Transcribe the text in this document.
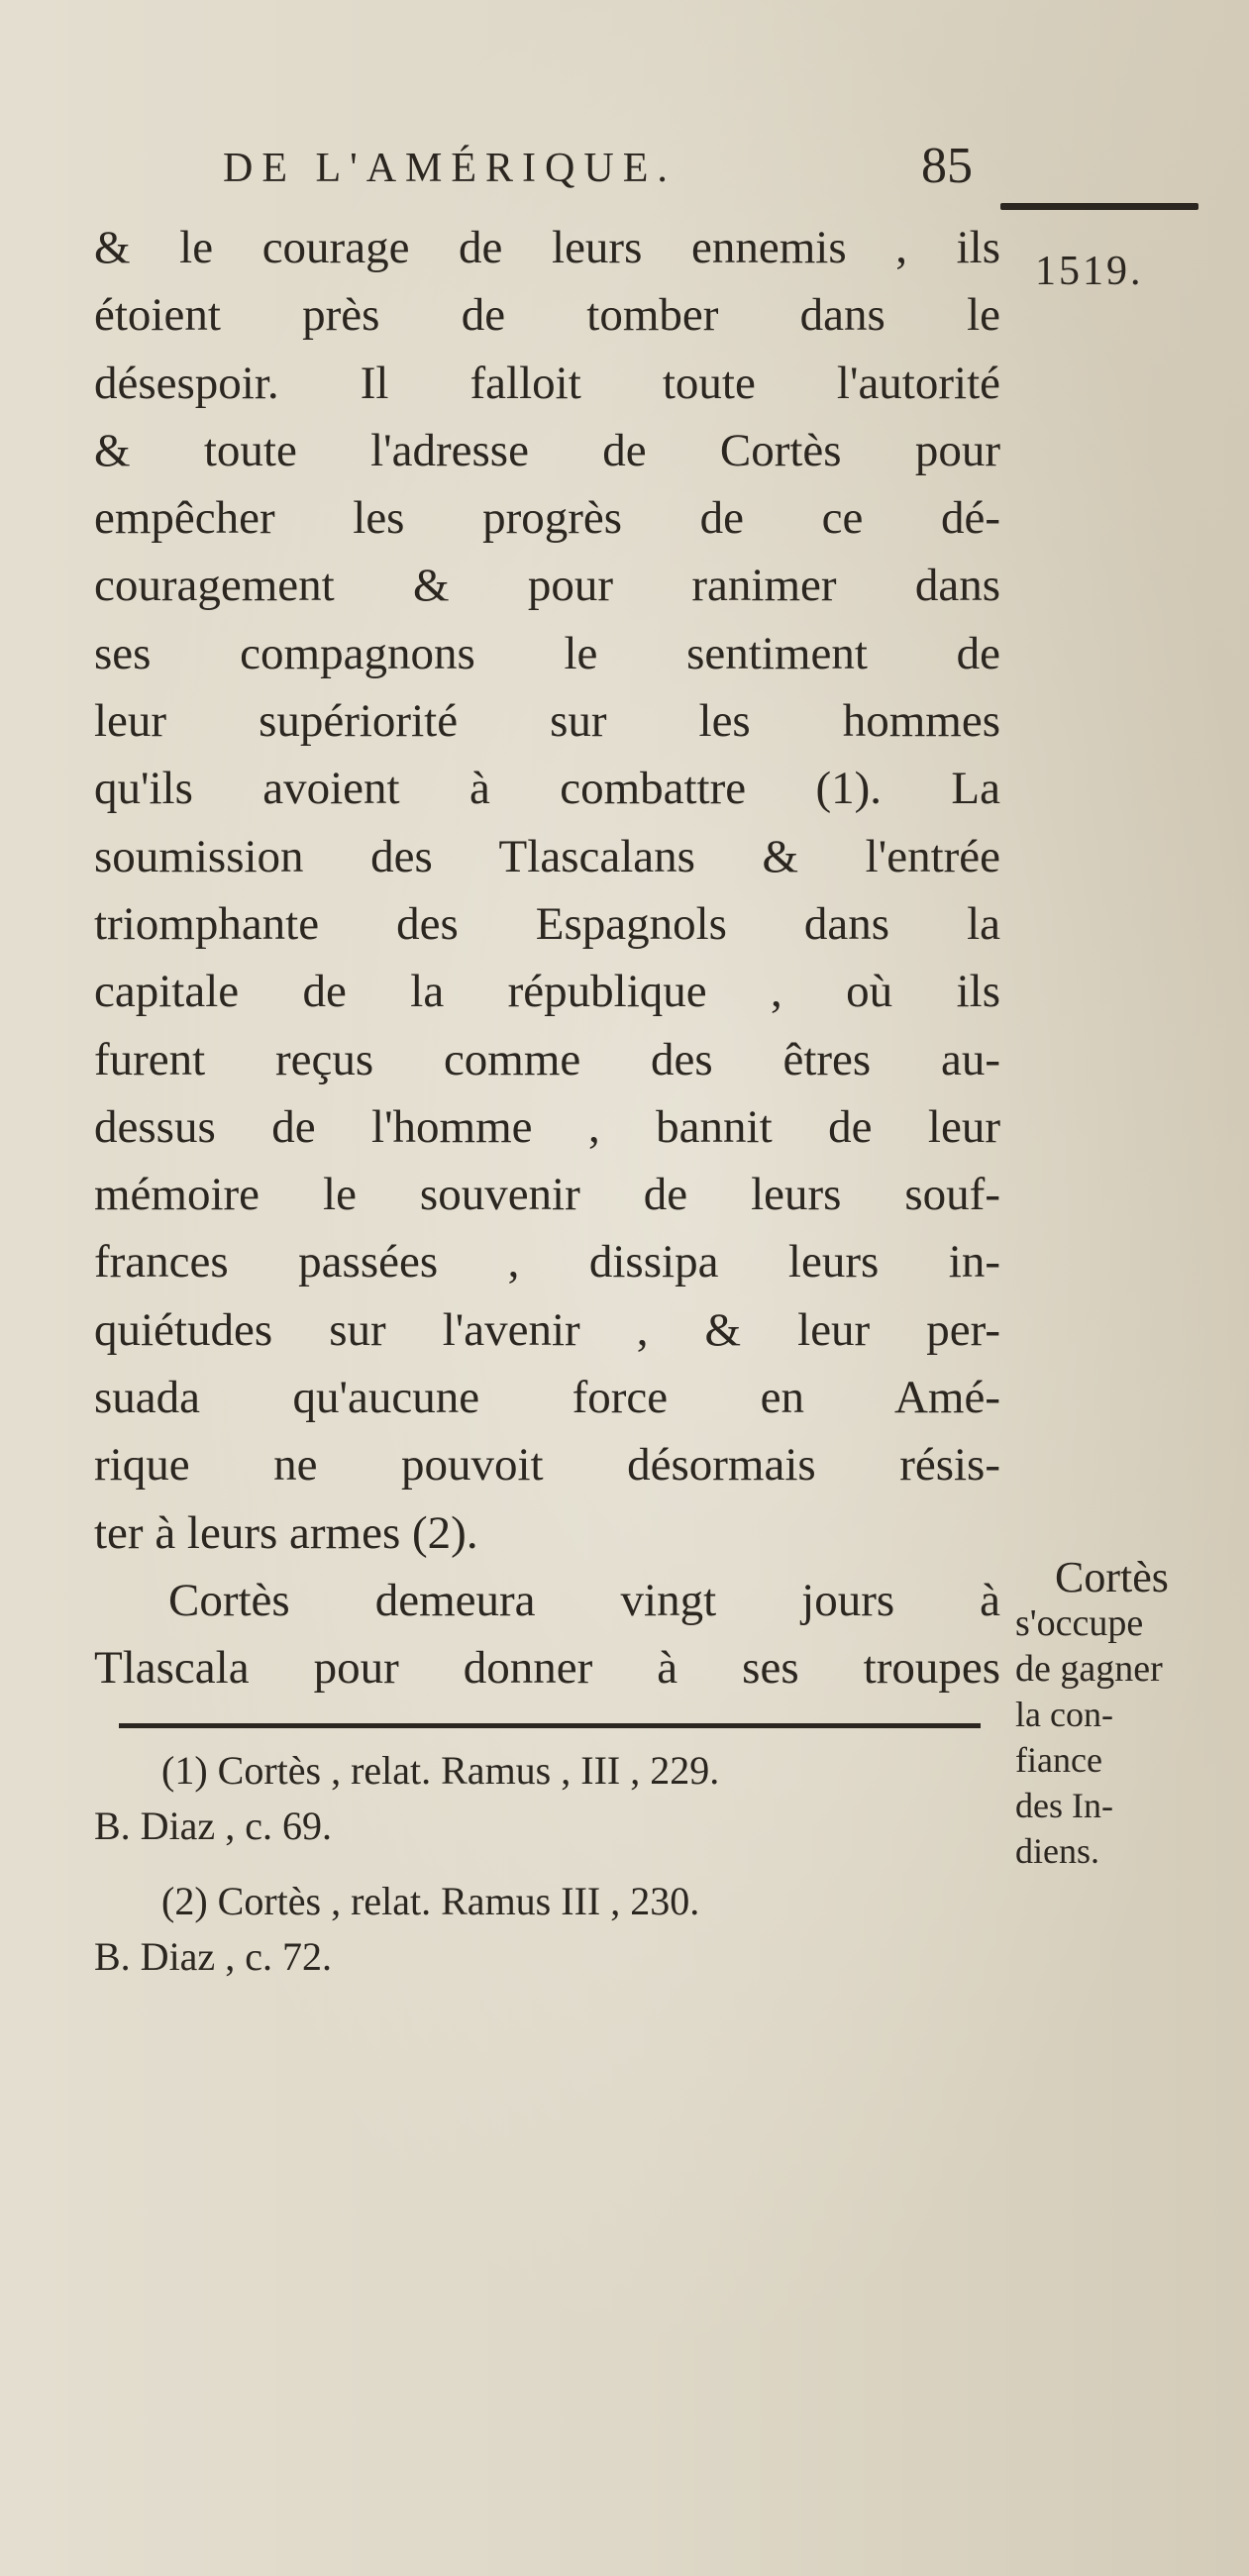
DE L'AMÉRIQUE.	85
1519.
& le courage de leurs ennemis , ils
étoient près de tomber dans le
désespoir. Il falloit toute l'autorité
& toute l'adresse de Cortès pour
empêcher les progrès de ce dé-
couragement & pour ranimer dans
ses compagnons le sentiment de
leur supériorité sur les hommes
qu'ils avoient à combattre (1). La
soumission des Tlascalans & l'entrée
triomphante des Espagnols dans la
capitale de la république , où ils
furent reçus comme des êtres au-
dessus de l'homme , bannit de leur
mémoire le souvenir de leurs souf-
frances passées , dissipa leurs in-
quiétudes sur l'avenir , & leur per-
suada qu'aucune force en Amé-
rique ne pouvoit désormais résis-
ter à leurs armes (2).
Cortès demeura vingt jours à
Tlascala pour donner à ses troupes
Cortès
s'occupe
de gagner
la con-
fiance
des In-
diens.
(1) Cortès , relat. Ramus , III , 229.
B. Diaz , c. 69.
(2) Cortès , relat. Ramus III , 230.
B. Diaz , c. 72.
